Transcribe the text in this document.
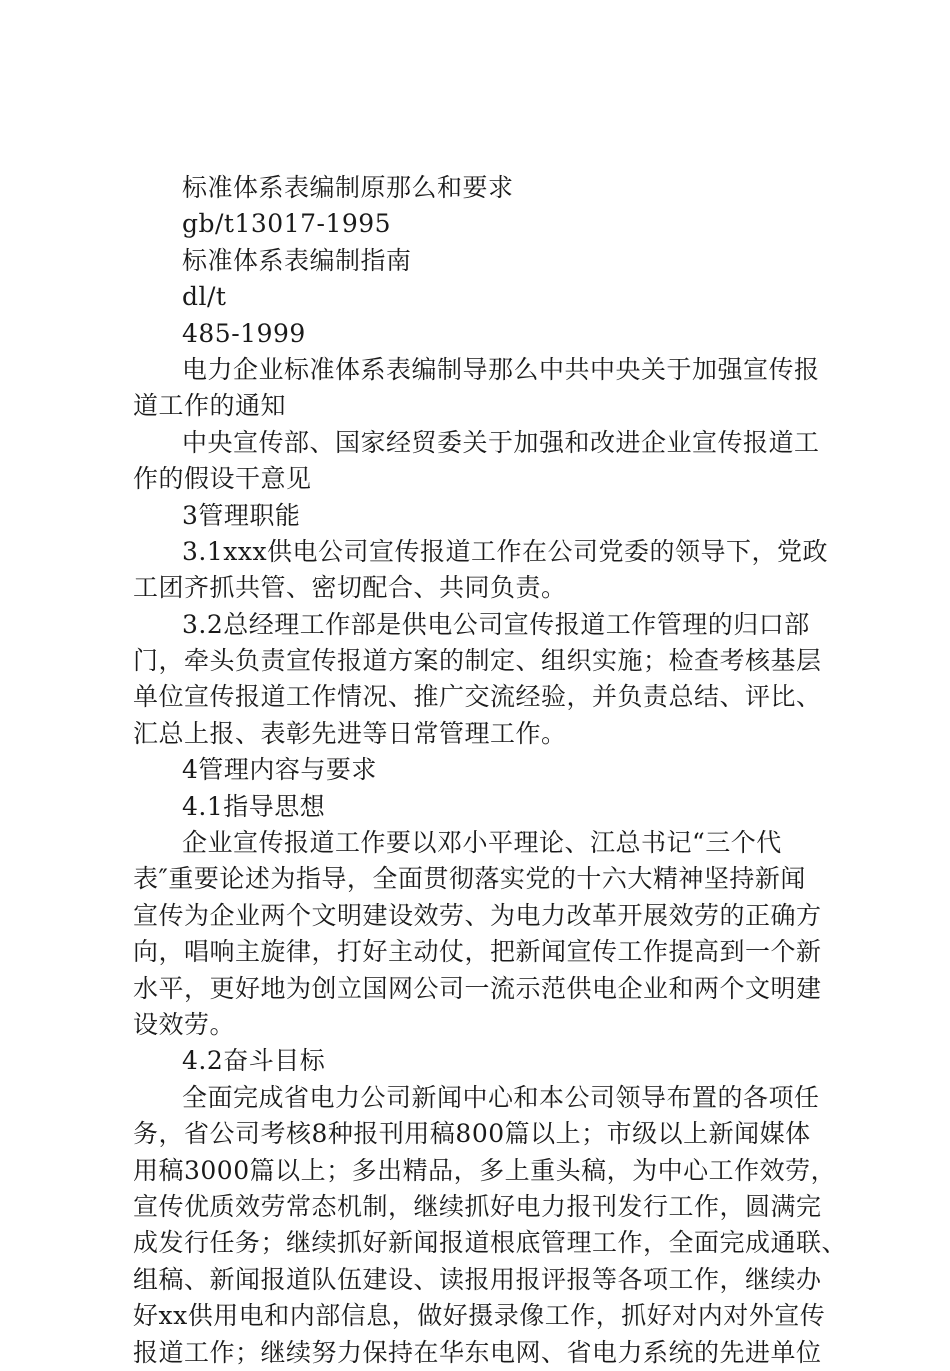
标准体系表编制原那么和要求

gb/t13017-1995

标准体系表编制指南

dl/t

485-1999

电力企业标准体系表编制导那么中共中央关于加强宣传报

道工作的通知

中央宣传部、国家经贸委关于加强和改进企业宣传报道工

作的假设干意见

3管理职能

3.1xxx供电公司宣传报道工作在公司党委的领导下，党政

工团齐抓共管、密切配合、共同负责。

3.2总经理工作部是供电公司宣传报道工作管理的归口部

门，牵头负责宣传报道方案的制定、组织实施；检查考核基层

单位宣传报道工作情况、推广交流经验，并负责总结、评比、

汇总上报、表彰先进等日常管理工作。

4管理内容与要求

4.1指导思想

企业宣传报道工作要以邓小平理论、江总书记“三个代

表″重要论述为指导，全面贯彻落实党的十六大精神坚持新闻

宣传为企业两个文明建设效劳、为电力改革开展效劳的正确方

向，唱响主旋律，打好主动仗，把新闻宣传工作提高到一个新

水平，更好地为创立国网公司一流示范供电企业和两个文明建

设效劳。

4.2奋斗目标

全面完成省电力公司新闻中心和本公司领导布置的各项任

务，省公司考核8种报刊用稿800篇以上；市级以上新闻媒体

用稿3000篇以上；多出精品，多上重头稿，为中心工作效劳，

宣传优质效劳常态机制，继续抓好电力报刊发行工作，圆满完

成发行任务；继续抓好新闻报道根底管理工作，全面完成通联、

组稿、新闻报道队伍建设、读报用报评报等各项工作，继续办

好xx供用电和内部信息，做好摄录像工作，抓好对内对外宣传

报道工作；继续努力保持在华东电网、省电力系统的先进单位
